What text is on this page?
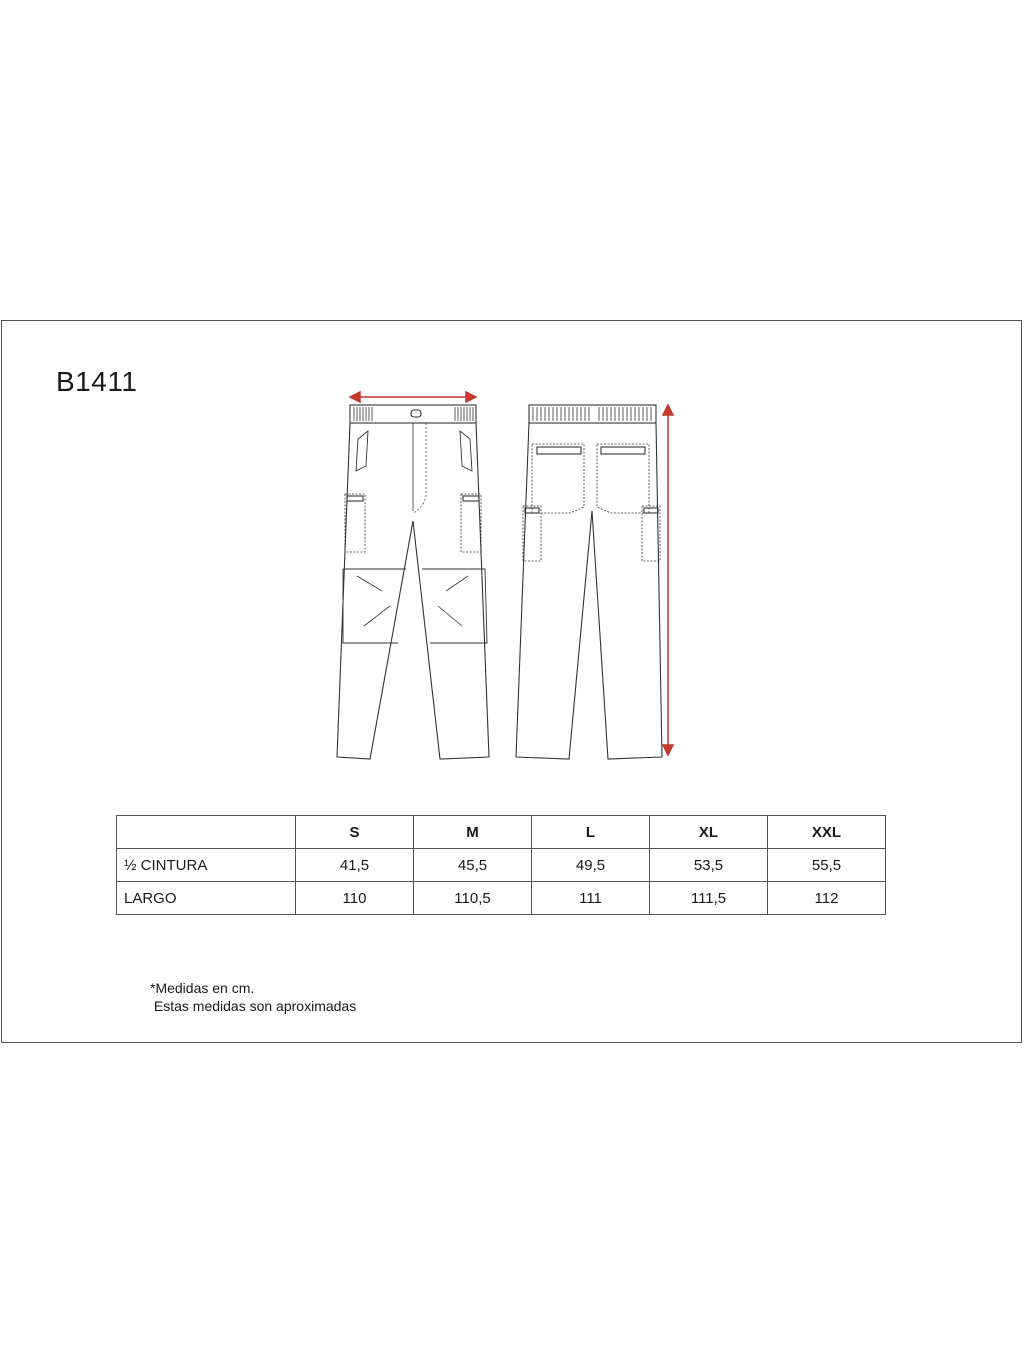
B1411
	S	M	L	XL	XXL
½ CINTURA	41,5	45,5	49,5	53,5	55,5
LARGO	110	110,5	111	111,5	112
*Medidas en cm.
Estas medidas son aproximadas
